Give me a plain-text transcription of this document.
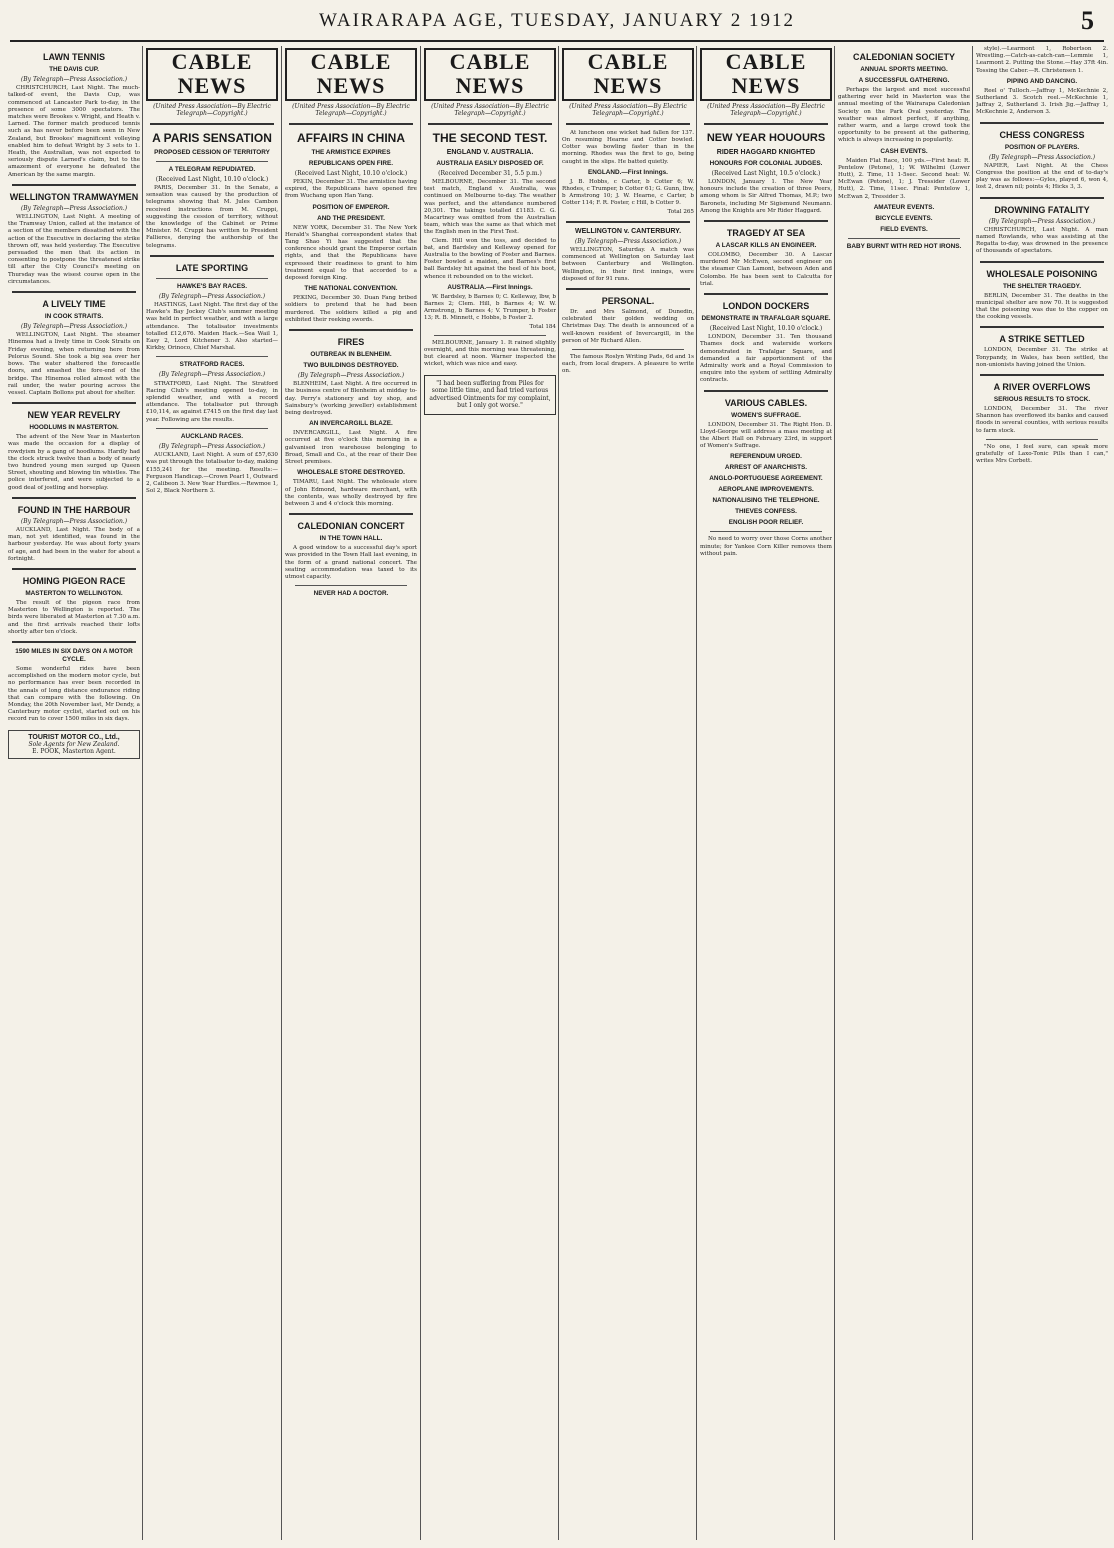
WAIRARAPA AGE, TUESDAY, JANUARY 2 1912	5
LAWN TENNIS
THE DAVIS CUP.
(By Telegraph—Press Association.)

CHRISTCHURCH, Last Night. The much-talked-of event, the Davis Cup, was commenced at Lancaster Park to-day, in the presence of some 3000 spectators. The matches were Brookes v. Wright, and Heath v. Larned. The former match produced tennis such as has never before been seen in New Zealand, but Brookes' magnificent volleying enabled him to defeat Wright by 3 sets to 1. Heath, the Australian, was not expected to seriously dispute Larned's claim, but to the amazement of everyone he defeated the American by the same margin.

WELLINGTON TRAMWAYMEN
(By Telegraph—Press Association.)

WELLINGTON, Last Night. A meeting of the Tramway Union, called at the instance of a section of the members dissatisfied with the action of the Executive in declaring the strike thrown off, was held yesterday. The Executive persuaded the men that its action in consenting to postpone the threatened strike till after the City Council's meeting on Thursday was the wisest course open in the circumstances.

A LIVELY TIME
IN COOK STRAITS.
(By Telegraph—Press Association.)

WELLINGTON, Last Night. The steamer Hinemoa had a lively time in Cook Straits on Friday evening, when returning here from Pelorus Sound. She took a big sea over her bows. The water shattered the forecastle doors, and smashed the fore-end of the bridge. The Hinemoa rolled almost with the rail under, the water pouring across the vessel. Captain Bollons put about for shelter.

NEW YEAR REVELRY
HOODLUMS IN MASTERTON.

The advent of the New Year in Masterton was made the occasion for a display of rowdyism by a gang of hoodlums. Hardly had the clock struck twelve than a body of nearly two hundred young men surged up Queen Street, shouting and blowing tin whistles. The police interfered, and were subjected to a good deal of jostling and horseplay.

FOUND IN THE HARBOUR
(By Telegraph—Press Association.)

AUCKLAND, Last Night. The body of a man, not yet identified, was found in the harbour yesterday. He was about forty years of age, and had been in the water for about a fortnight.

HOMING PIGEON RACE
MASTERTON TO WELLINGTON.

The result of the pigeon race from Masterton to Wellington is reported. The birds were liberated at Masterton at 7.30 a.m. and the first arrivals reached their lofts shortly after ten o'clock.

1590 MILES IN SIX DAYS ON A MOTOR CYCLE.

Some wonderful rides have been accomplished on the modern motor cycle, but no performance has ever been recorded in the annals of long distance endurance riding that can compare with the following. On Monday, the 20th November last, Mr Dendy, a Canterbury motor cyclist, started out on his record run to cover 1500 miles in six days.

TOURIST MOTOR CO., Ltd.,
Sole Agents for New Zealand.
E. POOK, Masterton Agent.
CABLE NEWS
(United Press Association—By Electric Telegraph—Copyright.)
A PARIS SENSATION
PROPOSED CESSION OF TERRITORY
A TELEGRAM REPUDIATED.
(Received Last Night, 10.10 o'clock.)

PARIS, December 31. In the Senate, a sensation was caused by the production of telegrams showing that M. Jules Cambon received instructions from M. Cruppi, suggesting the cession of territory, without the knowledge of the Cabinet or Prime Minister. M. Cruppi has written to President Fallieres, denying the authorship of the telegrams.

LATE SPORTING
HAWKE'S BAY RACES.
(By Telegraph—Press Association.)

HASTINGS, Last Night. The first day of the Hawke's Bay Jockey Club's summer meeting was held in perfect weather, and with a large attendance. The totalisator investments totalled £12,676. Maiden Hack.—Sea Wail 1, Easy 2, Lord Kitchener 3. Also started—Kirkby, Orinoco, Chief Marshal.

STRATFORD RACES.
(By Telegraph—Press Association.)

STRATFORD, Last Night. The Stratford Racing Club's meeting opened to-day, in splendid weather, and with a record attendance. The totalisator put through £10,114, as against £7415 on the first day last year. Following are the results.

AUCKLAND RACES.
(By Telegraph—Press Association.)

AUCKLAND, Last Night. A sum of £57,630 was put through the totalisator to-day, making £155,241 for the meeting. Results:— Ferguson Handicap.—Crown Pearl 1, Outward 2, Calibeon 3. New Year Hurdles.—Rewmoe 1, Sol 2, Black Northern 3.

CABLE NEWS
(United Press Association—By Electric Telegraph—Copyright.)
AFFAIRS IN CHINA
THE ARMISTICE EXPIRES
REPUBLICANS OPEN FIRE.
(Received Last Night, 10.10 o'clock.)

PEKIN, December 31. The armistice having expired, the Republicans have opened fire from Wuchang upon Han Yang.

POSITION OF EMPEROR.
AND THE PRESIDENT.

NEW YORK, December 31. The New York Herald's Shanghai correspondent states that Tang Shao Yi has suggested that the conference should grant the Emperor certain rights, and that the Republicans have expressed their readiness to grant to him treatment equal to that accorded to a deposed foreign King.

THE NATIONAL CONVENTION.

PEKING, December 30. Duan Fang bribed soldiers to pretend that he had been murdered. The soldiers killed a pig and exhibited their reeking swords.

FIRES
OUTBREAK IN BLENHEIM.
TWO BUILDINGS DESTROYED.
(By Telegraph—Press Association.)

BLENHEIM, Last Night. A fire occurred in the business centre of Blenheim at midday to-day. Perry's stationery and toy shop, and Sainsbury's (working jeweller) establishment being destroyed.

AN INVERCARGILL BLAZE.

INVERCARGILL, Last Night. A fire occurred at five o'clock this morning in a galvanised iron warehouse belonging to Broad, Small and Co., at the rear of their Dee Street premises.

WHOLESALE STORE DESTROYED.

TIMARU, Last Night. The wholesale store of John Edmond, hardware merchant, with the contents, was wholly destroyed by fire between 3 and 4 o'clock this morning.

CALEDONIAN CONCERT
IN THE TOWN HALL.

A good window to a successful day's sport was provided in the Town Hall last evening, in the form of a grand national concert. The seating accommodation was taxed to its utmost capacity.

NEVER HAD A DOCTOR.
CABLE NEWS
(United Press Association—By Electric Telegraph—Copyright.)
THE SECOND TEST.
ENGLAND V. AUSTRALIA.
AUSTRALIA EASILY DISPOSED OF.
(Received December 31, 5.5 p.m.)

MELBOURNE, December 31. The second test match, England v. Australia, was continued on Melbourne to-day. The weather was perfect, and the attendance numbered 20,301. The takings totalled £1183. C. G. Macartney was omitted from the Australian team, which was the same as that which met the English men in the First Test.

Clem. Hill won the toss, and decided to bat, and Bardsley and Kelleway opened for Australia to the bowling of Foster and Barnes. Foster bowled a maiden, and Barnes's first ball Bardsley hit against the heel of his boot, whence it rebounded on to the wicket.

AUSTRALIA.—First Innings.

W. Bardsley, b Barnes 0; C. Kelleway, lbw, b Barnes 2; Clem. Hill, b Barnes 4; W. W. Armstrong, b Barnes 4; V. Trumper, b Foster 13; R. B. Minnett, c Hobbs, b Foster 2.

Total 184

MELBOURNE, January 1. It rained slightly overnight, and this morning was threatening, but cleared at noon. Warner inspected the wicket, which was nice and easy.

"I had been suffering from Piles for some little time, and had tried various advertised Ointments for my complaint, but I only got worse."
CABLE NEWS
(United Press Association—By Electric Telegraph—Copyright.)

At luncheon one wicket had fallen for 137. On resuming Hearne and Cotter bowled. Cotter was bowling faster than in the morning. Rhodes was the first to go, being caught in the slips. He batted quietly.

ENGLAND.—First Innings.

J. B. Hobbs, c Carter, b Cotter 6; W. Rhodes, c Trumper, b Cotter 61; G. Gunn, lbw, b Armstrong 10; J. W. Hearne, c Carter, b Cotter 114; F. R. Foster, c Hill, b Cotter 9.

Total 265
WELLINGTON v. CANTERBURY.
(By Telegraph—Press Association.)

WELLINGTON, Saturday. A match was commenced at Wellington on Saturday last between Canterbury and Wellington. Wellington, in their first innings, were disposed of for 91 runs.

PERSONAL.

Dr. and Mrs Salmond, of Dunedin, celebrated their golden wedding on Christmas Day. The death is announced of a well-known resident of Invercargill, in the person of Mr Richard Allen.

The famous Roslyn Writing Pads, 6d and 1s each, from local drapers. A pleasure to write on.

CABLE NEWS
(United Press Association—By Electric Telegraph—Copyright.)
NEW YEAR HOUOURS
RIDER HAGGARD KNIGHTED
HONOURS FOR COLONIAL JUDGES.
(Received Last Night, 10.5 o'clock.)

LONDON, January 1. The New Year honours include the creation of three Peers, among whom is Sir Alfred Thomas, M.P.; two Baronets, including Mr Sigismund Neumann. Among the Knights are Mr Rider Haggard.

TRAGEDY AT SEA
A LASCAR KILLS AN ENGINEER.

COLOMBO, December 30. A Lascar murdered Mr McEwen, second engineer on the steamer Clan Lamont, between Aden and Colombo. He has been sent to Calcutta for trial.

LONDON DOCKERS
DEMONSTRATE IN TRAFALGAR SQUARE.
(Received Last Night, 10.10 o'clock.)

LONDON, December 31. Ten thousand Thames dock and waterside workers demonstrated in Trafalgar Square, and demanded a fair apportionment of the Admiralty work and a Royal Commission to enquire into the system of settling Admiralty contracts.

VARIOUS CABLES.
WOMEN'S SUFFRAGE.

LONDON, December 31. The Right Hon. D. Lloyd-George will address a mass meeting at the Albert Hall on February 23rd, in support of Women's Suffrage.

REFERENDUM URGED.
ARREST OF ANARCHISTS.
ANGLO-PORTUGUESE AGREEMENT.
AEROPLANE IMPROVEMENTS.
NATIONALISING THE TELEPHONE.
THIEVES CONFESS.
ENGLISH POOR RELIEF.

No need to worry over those Corns another minute; for Yankee Corn Killer removes them without pain.

CALEDONIAN SOCIETY
ANNUAL SPORTS MEETING.
A SUCCESSFUL GATHERING.

Perhaps the largest and most successful gathering ever held in Masterton was the annual meeting of the Wairarapa Caledonian Society on the Park Oval yesterday. The weather was almost perfect, if anything, rather warm, and a large crowd took the opportunity to be present at the gathering, which is always increasing in popularity.

CASH EVENTS.

Maiden Flat Race, 100 yds.—First heat: R. Pentelow (Petone), 1; W. Wilhelmi (Lower Hutt), 2. Time, 11 1-5sec. Second heat: W. McEwan (Petone), 1; J. Tressider (Lower Hutt), 2. Time, 11sec. Final: Pentelow 1, McEwan 2, Tressider 3.

AMATEUR EVENTS.
BICYCLE EVENTS.
FIELD EVENTS.
BABY BURNT WITH RED HOT IRONS.

style).—Learmont 1, Robertson 2. Wrestling.—Catch-as-catch-can—Lemmie 1, Learmont 2. Putting the Stone.—Hay 37ft 4in. Tossing the Caber.—R. Christensen 1.

PIPING AND DANCING.

Reel o' Tulloch.—Jaffray 1, McKechnie 2, Sutherland 3. Scotch reel.—McKechnie 1, Jaffray 2, Sutherland 3. Irish Jig.—Jaffray 1, McKechnie 2, Anderson 3.

CHESS CONGRESS
POSITION OF PLAYERS.
(By Telegraph—Press Association.)

NAPIER, Last Night. At the Chess Congress the position at the end of to-day's play was as follows:—Gyles, played 6, won 4, lost 2, drawn nil; points 4; Hicks 3, 3.

DROWNING FATALITY
(By Telegraph—Press Association.)

CHRISTCHURCH, Last Night. A man named Rowlands, who was assisting at the Regatta to-day, was drowned in the presence of thousands of spectators.

WHOLESALE POISONING
THE SHELTER TRAGEDY.

BERLIN, December 31. The deaths in the municipal shelter are now 70. It is suggested that the poisoning was due to the copper on the cooking vessels.

A STRIKE SETTLED

LONDON, December 31. The strike at Tonypandy, in Wales, has been settled, the non-unionists having joined the Union.

A RIVER OVERFLOWS
SERIOUS RESULTS TO STOCK.

LONDON, December 31. The river Shannon has overflowed its banks and caused floods in several counties, with serious results to farm stock.

"No one, I feel sure, can speak more gratefully of Laxo-Tonic Pills than I can," writes Mrs Corbett.
